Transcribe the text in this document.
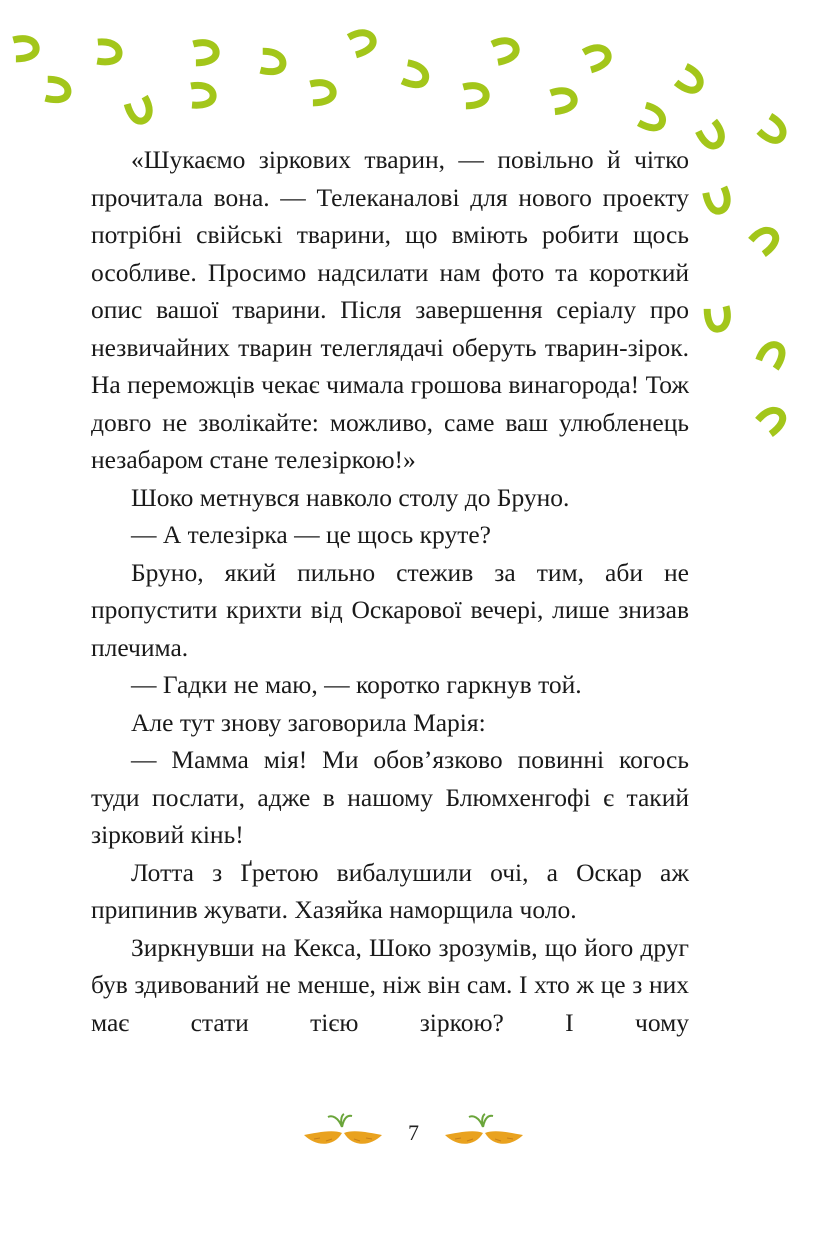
«Шукаємо зіркових тварин, — повільно й чітко прочитала вона. — Телеканалові для нового проекту потрібні свійські тварини, що вміють робити щось особливе. Просимо надсилати нам фото та короткий опис вашої тварини. Після завершення серіалу про незвичайних тварин телеглядачі оберуть тварин-зірок. На переможців чекає чимала грошова винагорода! Тож довго не зволікайте: можливо, саме ваш улюбленець незабаром стане телезіркою!»

Шоко метнувся навколо столу до Бруно.

— А телезірка — це щось круте?

Бруно, який пильно стежив за тим, аби не пропустити крихти від Оскарової вечері, лише знизав плечима.

— Гадки не маю, — коротко гаркнув той.

Але тут знову заговорила Марія:

— Мамма мія! Ми обов’язково повинні когось туди послати, адже в нашому Блюмхенгофі є такий зірковий кінь!

Лотта з Ґретою вибалушили очі, а Оскар аж припинив жувати. Хазяйка наморщила чоло.

Зиркнувши на Кекса, Шоко зрозумів, що його друг був здивований не менше, ніж він сам. І хто ж це з них має стати тією зіркою? І чому

7
